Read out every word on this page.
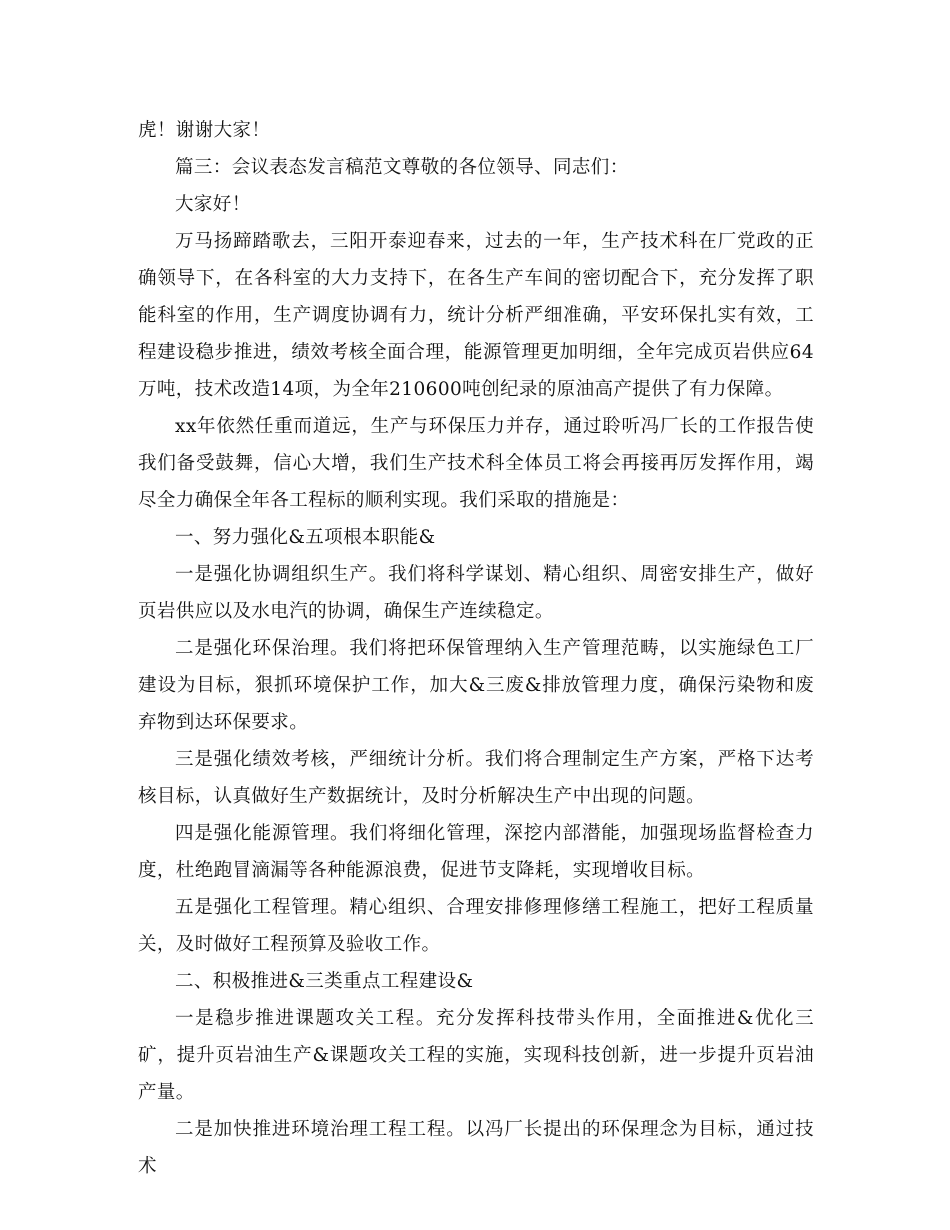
虎！谢谢大家！

篇三：会议表态发言稿范文尊敬的各位领导、同志们：

大家好！

万马扬蹄踏歌去，三阳开泰迎春来，过去的一年，生产技术科在厂党政的正确领导下，在各科室的大力支持下，在各生产车间的密切配合下，充分发挥了职能科室的作用，生产调度协调有力，统计分析严细准确，平安环保扎实有效，工程建设稳步推进，绩效考核全面合理，能源管理更加明细，全年完成页岩供应64万吨，技术改造14项，为全年210600吨创纪录的原油高产提供了有力保障。

xx年依然任重而道远，生产与环保压力并存，通过聆听冯厂长的工作报告使我们备受鼓舞，信心大增，我们生产技术科全体员工将会再接再厉发挥作用，竭尽全力确保全年各工程标的顺利实现。我们采取的措施是：

一、努力强化&五项根本职能&

一是强化协调组织生产。我们将科学谋划、精心组织、周密安排生产，做好页岩供应以及水电汽的协调，确保生产连续稳定。

二是强化环保治理。我们将把环保管理纳入生产管理范畴，以实施绿色工厂建设为目标，狠抓环境保护工作，加大&三废&排放管理力度，确保污染物和废弃物到达环保要求。

三是强化绩效考核，严细统计分析。我们将合理制定生产方案，严格下达考核目标，认真做好生产数据统计，及时分析解决生产中出现的问题。

四是强化能源管理。我们将细化管理，深挖内部潜能，加强现场监督检查力度，杜绝跑冒滴漏等各种能源浪费，促进节支降耗，实现增收目标。

五是强化工程管理。精心组织、合理安排修理修缮工程施工，把好工程质量关，及时做好工程预算及验收工作。

二、积极推进&三类重点工程建设&

一是稳步推进课题攻关工程。充分发挥科技带头作用，全面推进&优化三矿，提升页岩油生产&课题攻关工程的实施，实现科技创新，进一步提升页岩油产量。

二是加快推进环境治理工程工程。以冯厂长提出的环保理念为目标，通过技术
